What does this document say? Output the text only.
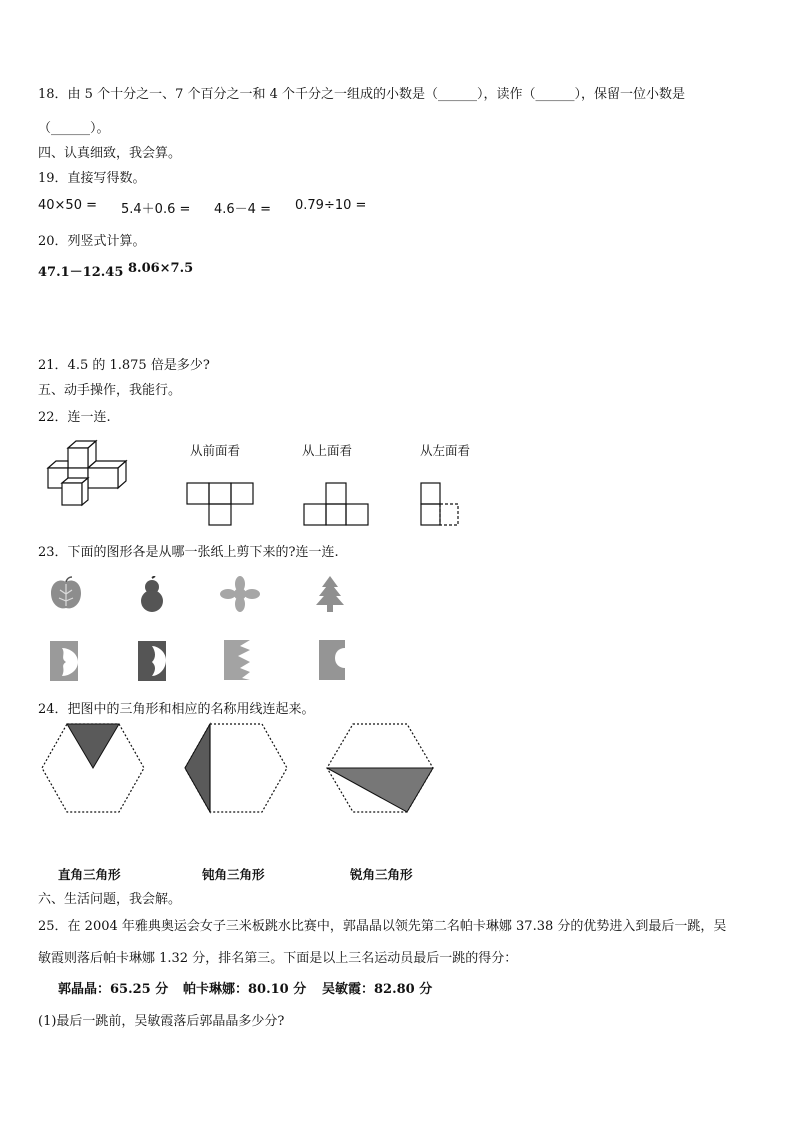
18．由 5 个十分之一、7 个百分之一和 4 个千分之一组成的小数是（______），读作（______），保留一位小数是
（______）。
四、认真细致，我会算。
19．直接写得数。
40×50 = 5.4＋0.6 = 4.6－4 = 0.79÷10 =
20．列竖式计算。
47.1－12.45 8.06×7.5
21．4.5 的 1.875 倍是多少?
五、动手操作，我能行。
22．连一连.
从前面看	从上面看	从左面看
23．下面的图形各是从哪一张纸上剪下来的?连一连.
24．把图中的三角形和相应的名称用线连起来。
直角三角形	钝角三角形	锐角三角形
六、生活问题，我会解。
25．在 2004 年雅典奥运会女子三米板跳水比赛中，郭晶晶以领先第二名帕卡琳娜 37.38 分的优势进入到最后一跳，吴
敏霞则落后帕卡琳娜 1.32 分，排名第三。下面是以上三名运动员最后一跳的得分：
郭晶晶：65.25 分 帕卡琳娜：80.10 分 吴敏霞：82.80 分
(1)最后一跳前，吴敏霞落后郭晶晶多少分?
